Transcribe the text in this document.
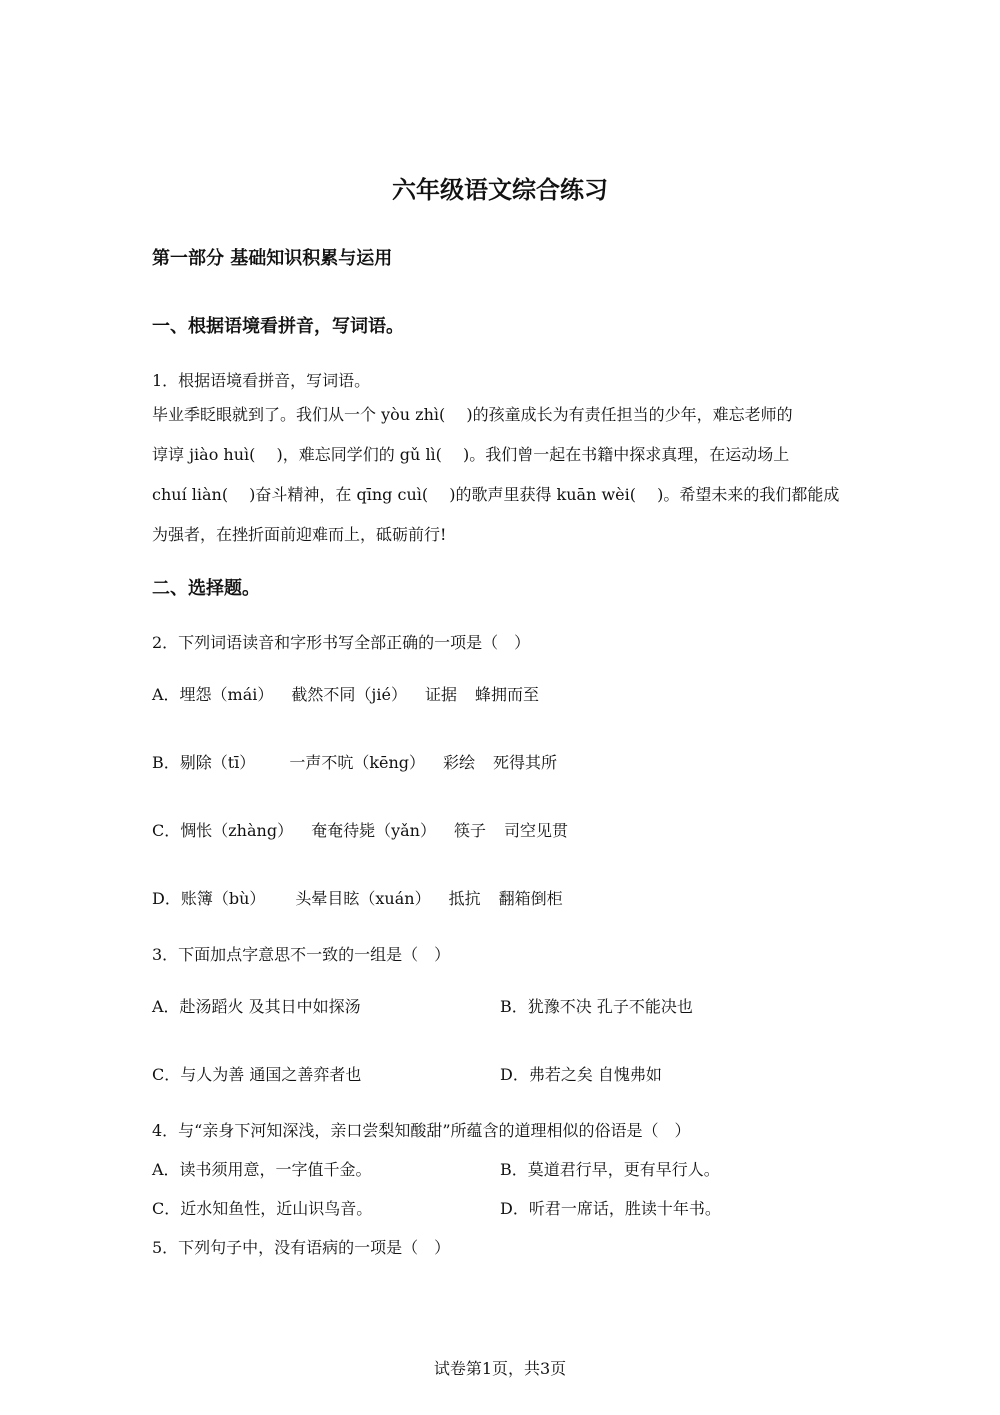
六年级语文综合练习
第一部分 基础知识积累与运用
一、根据语境看拼音，写词语。
1．根据语境看拼音，写词语。
毕业季眨眼就到了。我们从一个 yòu zhì(　 )的孩童成长为有责任担当的少年，难忘老师的
谆谆 jiào huì(　 )，难忘同学们的 gǔ lì(　 )。我们曾一起在书籍中探求真理，在运动场上
chuí liàn(　 )奋斗精神，在 qīng cuì(　 )的歌声里获得 kuān wèi(　 )。希望未来的我们都能成
为强者，在挫折面前迎难而上，砥砺前行!
二、选择题。
2．下列词语读音和字形书写全部正确的一项是（　）
A．埋怨（mái） 截然不同（jié） 证据 蜂拥而至
B．剔除（tī） 一声不吭（kēng） 彩绘 死得其所
C．惆怅（zhàng） 奄奄待毙（yǎn） 筷子 司空见贯
D．账簿（bù） 头晕目眩（xuán） 抵抗 翻箱倒柜
3．下面加点字意思不一致的一组是（　）
A．赴汤蹈火 及其日中如探汤	B．犹豫不决 孔子不能决也
C．与人为善 通国之善弈者也	D．弗若之矣 自愧弗如
4．与“亲身下河知深浅，亲口尝梨知酸甜”所蕴含的道理相似的俗语是（　）
A．读书须用意，一字值千金。	B．莫道君行早，更有早行人。
C．近水知鱼性，近山识鸟音。	D．听君一席话，胜读十年书。
5．下列句子中，没有语病的一项是（　）
试卷第1页，共3页
